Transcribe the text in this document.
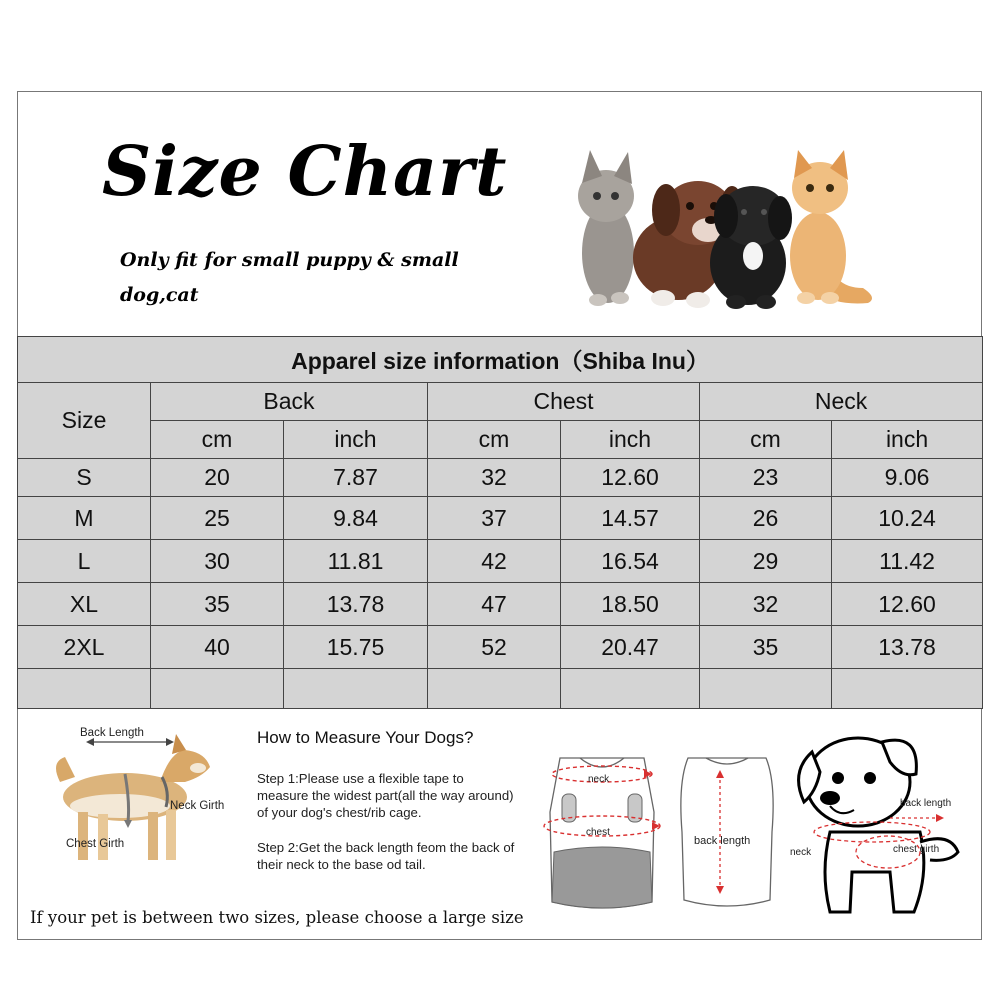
Size Chart
Only fit for small puppy & small dog,cat
Apparel size information（Shiba Inu）						
Size	Back		Chest		Neck	
	cm	inch	cm	inch	cm	inch
S	20	7.87	32	12.60	23	9.06
M	25	9.84	37	14.57	26	10.24
L	30	11.81	42	16.54	29	11.42
XL	35	13.78	47	18.50	32	12.60
2XL	40	15.75	52	20.47	35	13.78

Back Length
Neck Girth
Chest Girth
How to Measure Your Dogs?
Step 1:Please use a flexible tape to measure the widest part(all the way around) of your dog's chest/rib cage.
Step 2:Get the back length feom the back of their neck to the base od tail.
If your pet is between two sizes, please choose a large size
neck
chest
back length
back length
chest girth
neck
